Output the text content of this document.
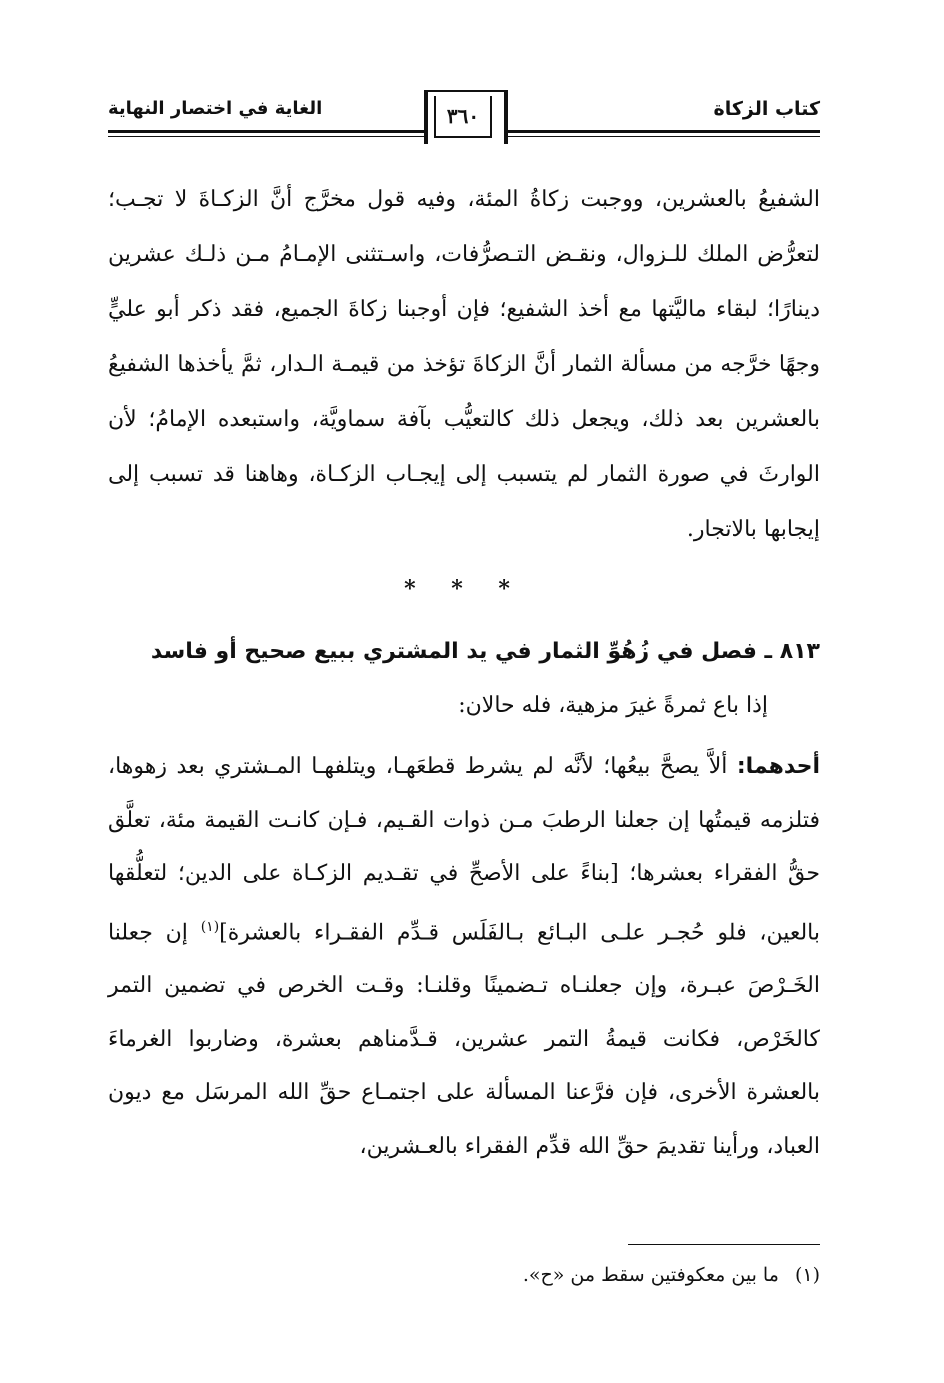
كتاب الزكاة
الغاية في اختصار النهاية	٣٦٠

الشفيعُ بالعشرين، ووجبت زكاةُ المئة، وفيه قول مخرَّج أنَّ الزكـاةَ لا تجـب؛ لتعرُّض الملك للـزوال، ونقـض التـصرُّفات، واسـتثنى الإمـامُ مـن ذلـك عشرين دينارًا؛ لبقاء ماليَّتها مع أخذ الشفيع؛ فإن أوجبنا زكاةَ الجميع، فقد ذكر أبو عليٍّ وجهًا خرَّجه من مسألة الثمار أنَّ الزكاةَ تؤخذ من قيمـة الـدار، ثمَّ يأخذها الشفيعُ بالعشرين بعد ذلك، ويجعل ذلك كالتعيُّب بآفة سماويَّة، واستبعده الإمامُ؛ لأن الوارثَ في صورة الثمار لم يتسبب إلى إيجـاب الزكـاة، وهاهنا قد تسبب إلى إيجابها بالاتجار.

* * *
٨١٣ ـ فصل في زُهُوِّ الثمار في يد المشتري ببيع صحيح أو فاسد
إذا باع ثمرةً غيرَ مزهية، فله حالان:
أحدهما: ألاَّ يصحَّ بيعُها؛ لأنَّه لم يشرط قطعَهـا، ويتلفهـا المـشتري بعد زهوها، فتلزمه قيمتُها إن جعلنا الرطبَ مـن ذوات القـيم، فـإن كانـت القيمة مئة، تعلَّق حقُّ الفقراء بعشرها؛ [بناءً على الأصحِّ في تقـديم الزكـاة على الدين؛ لتعلُّقها بالعين، فلو حُجـر علـى البـائع بـالفَلَس قـدِّم الفقـراء بالعشرة]$^{(١)}$ إن جعلنا الخَـرْصَ عبـرة، وإن جعلنـاه تـضمينًا وقلنـا: وقـت الخرص في تضمين التمر كالخَرْص، فكانت قيمةُ التمر عشرين، قـدَّمناهم بعشرة، وضاربوا الغرماءَ بالعشرة الأخرى، فإن فرَّعنا المسألة على اجتمـاع حقِّ الله المرسَل مع ديون العباد، ورأينا تقديمَ حقِّ الله قدِّم الفقراء بالعـشرين،
(١) ما بين معكوفتين سقط من «ح».
